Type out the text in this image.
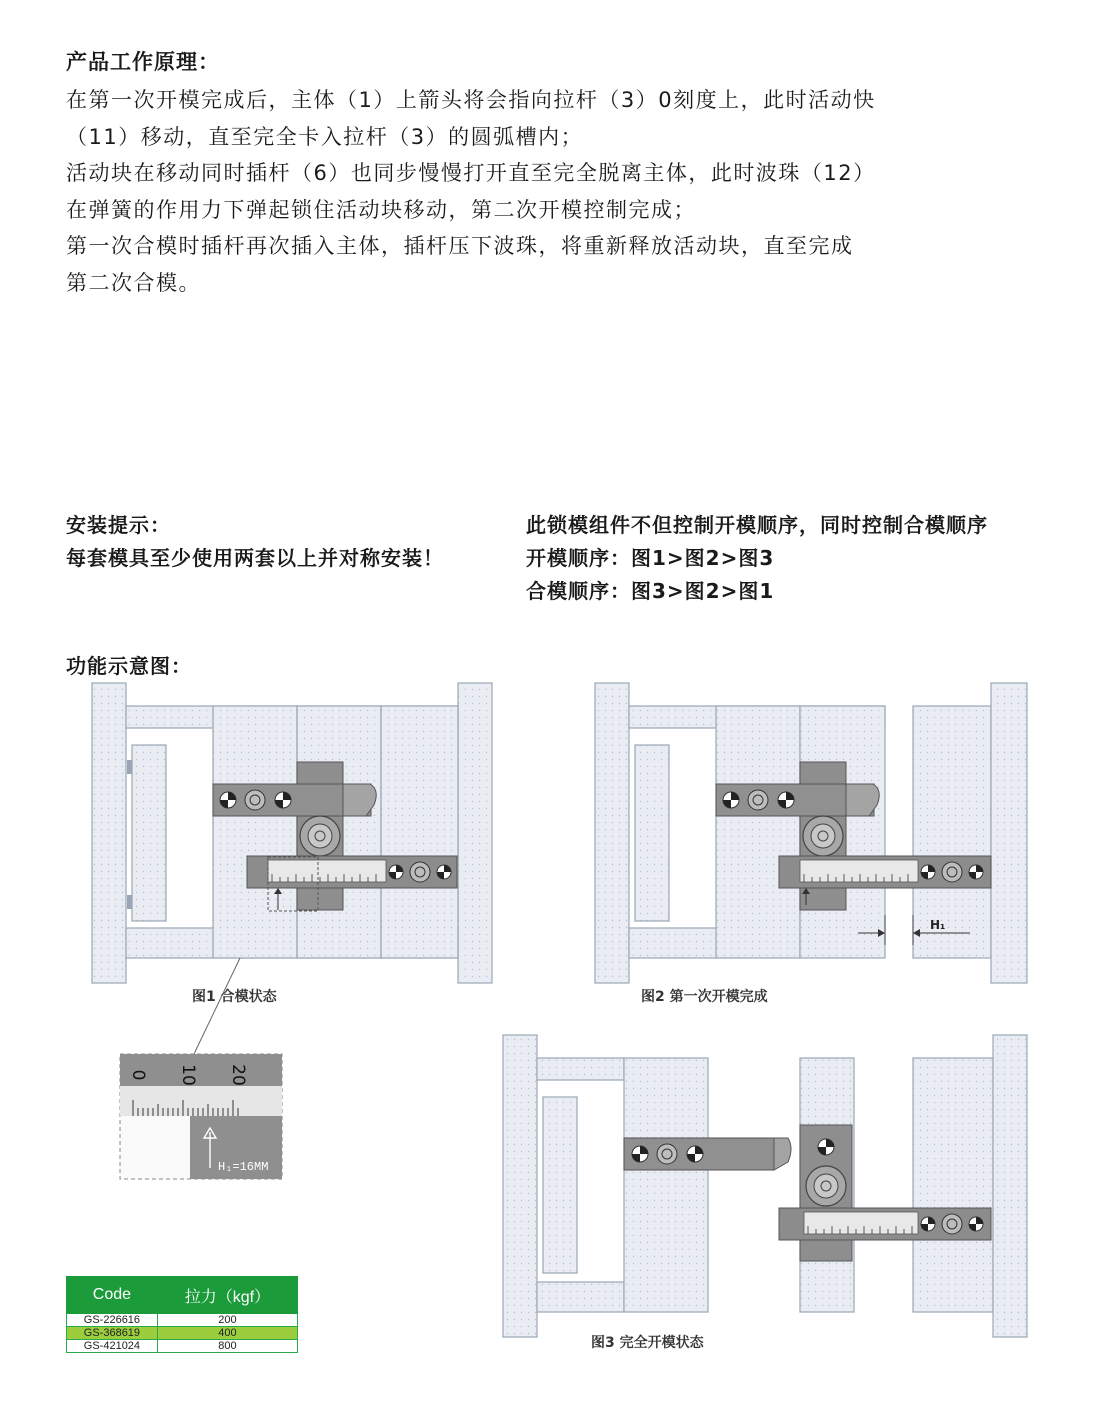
产品工作原理：
在第一次开模完成后，主体（1）上箭头将会指向拉杆（3）0刻度上，此时活动快
（11）移动，直至完全卡入拉杆（3）的圆弧槽内；
活动块在移动同时插杆（6）也同步慢慢打开直至完全脱离主体，此时波珠（12）
在弹簧的作用力下弹起锁住活动块移动，第二次开模控制完成；
第一次合模时插杆再次插入主体，插杆压下波珠，将重新释放活动块，直至完成
第二次合模。
安装提示：
每套模具至少使用两套以上并对称安装！
此锁模组件不但控制开模顺序，同时控制合模顺序
开模顺序：图1>图2>图3
合模顺序：图3>图2>图1
功能示意图：
图1 合模状态
0 10 20
H₁=16MM
H₁
图2 第一次开模完成
图3 完全开模状态
Code	拉力（kgf）
GS-226616	200
GS-368619	400
GS-421024	800
